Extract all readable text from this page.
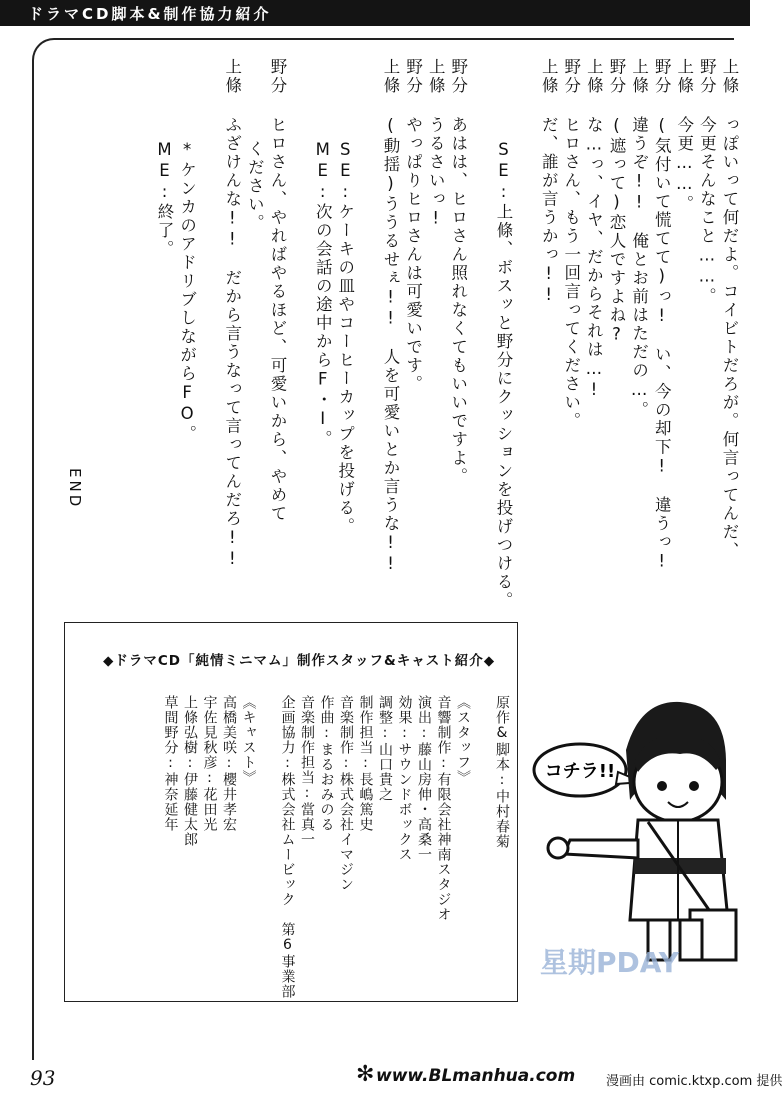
ドラマCD脚本&制作協力紹介
上條
っぽいって何だよ。コイビトだろが。何言ってんだ、
野分
今更そんなこと……。
上條
今更……。
野分
(気付いて慌てて)っ!　い、今の却下!　違うっ!
上條
違うぞ!!　俺とお前はただの…。
野分
(遮って)恋人ですよね?
上條
な…っ、イヤ、だからそれは…!
野分
ヒロさん、もう一回言ってください。
上條
だ、誰が言うかっ!!
SE:上條、ボスッと野分にクッションを投げつける。
野分
あはは、ヒロさん照れなくてもいいですよ。
上條
うるさいっ!
野分
やっぱりヒロさんは可愛いです。
上條
(動揺)ううるせぇ!!　人を可愛いとか言うな!!
SE:ケーキの皿やコーヒーカップを投げる。
ME:次の会話の途中からF・I。
野分
ヒロさん、やればやるほど、可愛いから、やめて
ください。
上條
ふざけんな!!　だから言うなって言ってんだろ!!
*ケンカのアドリブしながらFO。
ME:終了。
END
◆ドラマCD「純情ミニマム」制作スタッフ&キャスト紹介◆
原作&脚本:中村春菊
《スタッフ》
音響制作:有限会社神南スタジオ
演出:藤山房伸・高桑一
効果:サウンドボックス
調整:山口貴之
制作担当:長嶋篤史
音楽制作:株式会社イマジン
作曲:まるおみのる
音楽制作担当:當真一
企画協力:株式会社ムービック　第6事業部
《キャスト》
高橋美咲:櫻井孝宏
宇佐見秋彦:花田光
上條弘樹:伊藤健太郎
草間野分:神奈延年	コチラ!!
星期PDAY
93	✻ www.BLmanhua.com 漫画由 comic.ktxp.com 提供
